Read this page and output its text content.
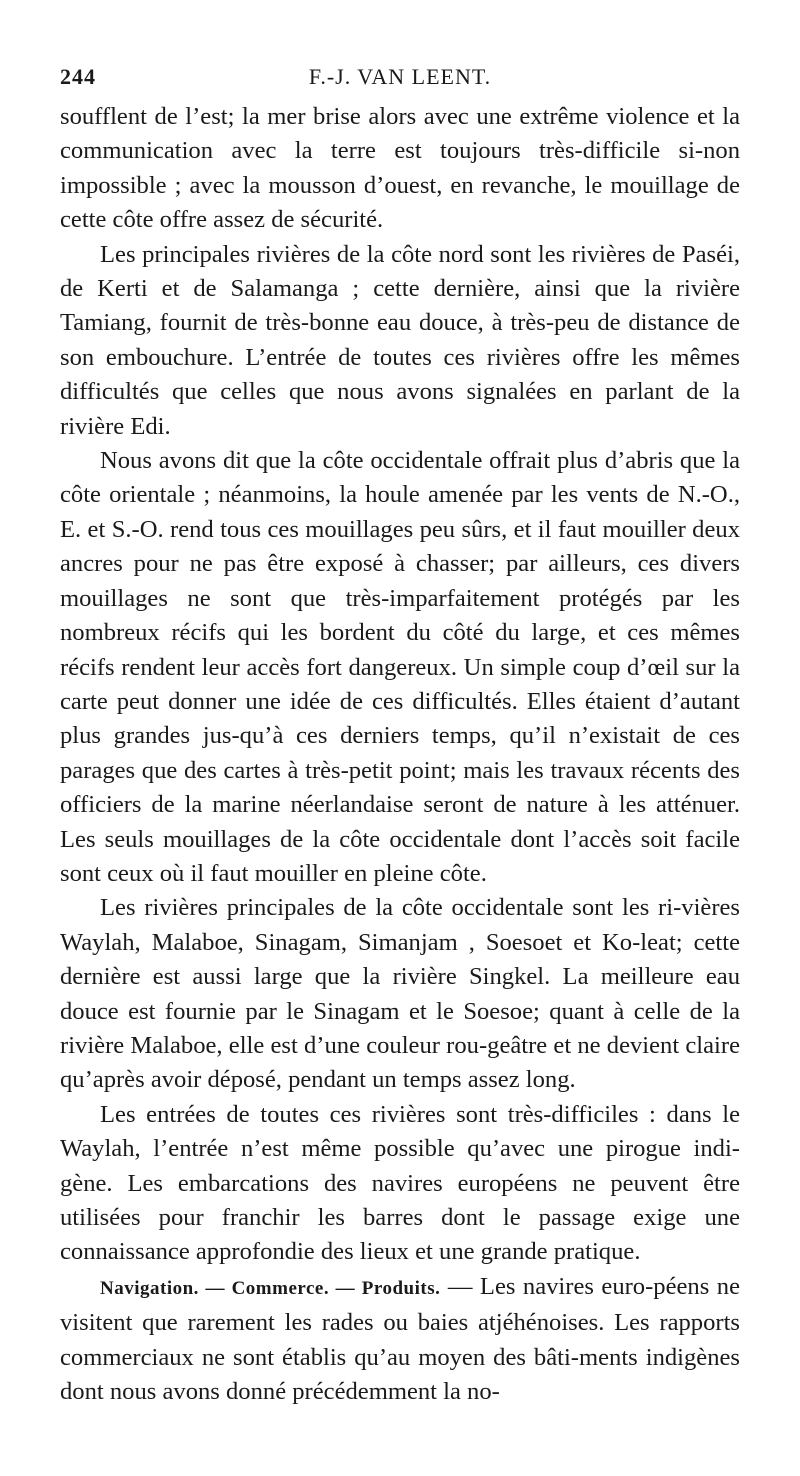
244	F.-J. VAN LEENT.

soufflent de l’est; la mer brise alors avec une extrême violence et la communication avec la terre est toujours très-difficile si-non impossible ; avec la mousson d’ouest, en revanche, le mouillage de cette côte offre assez de sécurité.

Les principales rivières de la côte nord sont les rivières de Paséi, de Kerti et de Salamanga ; cette dernière, ainsi que la rivière Tamiang, fournit de très-bonne eau douce, à très-peu de distance de son embouchure. L’entrée de toutes ces rivières offre les mêmes difficultés que celles que nous avons signalées en parlant de la rivière Edi.

Nous avons dit que la côte occidentale offrait plus d’abris que la côte orientale ; néanmoins, la houle amenée par les vents de N.-O., E. et S.-O. rend tous ces mouillages peu sûrs, et il faut mouiller deux ancres pour ne pas être exposé à chasser; par ailleurs, ces divers mouillages ne sont que très-imparfaitement protégés par les nombreux récifs qui les bordent du côté du large, et ces mêmes récifs rendent leur accès fort dangereux. Un simple coup d’œil sur la carte peut donner une idée de ces difficultés. Elles étaient d’autant plus grandes jus-qu’à ces derniers temps, qu’il n’existait de ces parages que des cartes à très-petit point; mais les travaux récents des officiers de la marine néerlandaise seront de nature à les atténuer. Les seuls mouillages de la côte occidentale dont l’accès soit facile sont ceux où il faut mouiller en pleine côte.

Les rivières principales de la côte occidentale sont les ri-vières Waylah, Malaboe, Sinagam, Simanjam , Soesoet et Ko-leat; cette dernière est aussi large que la rivière Singkel. La meilleure eau douce est fournie par le Sinagam et le Soesoe; quant à celle de la rivière Malaboe, elle est d’une couleur rou-geâtre et ne devient claire qu’après avoir déposé, pendant un temps assez long.

Les entrées de toutes ces rivières sont très-difficiles : dans le Waylah, l’entrée n’est même possible qu’avec une pirogue indi-gène. Les embarcations des navires européens ne peuvent être utilisées pour franchir les barres dont le passage exige une connaissance approfondie des lieux et une grande pratique.

Navigation. — Commerce. — Produits. — Les navires euro-péens ne visitent que rarement les rades ou baies atjéhénoises. Les rapports commerciaux ne sont établis qu’au moyen des bâti-ments indigènes dont nous avons donné précédemment la no-
